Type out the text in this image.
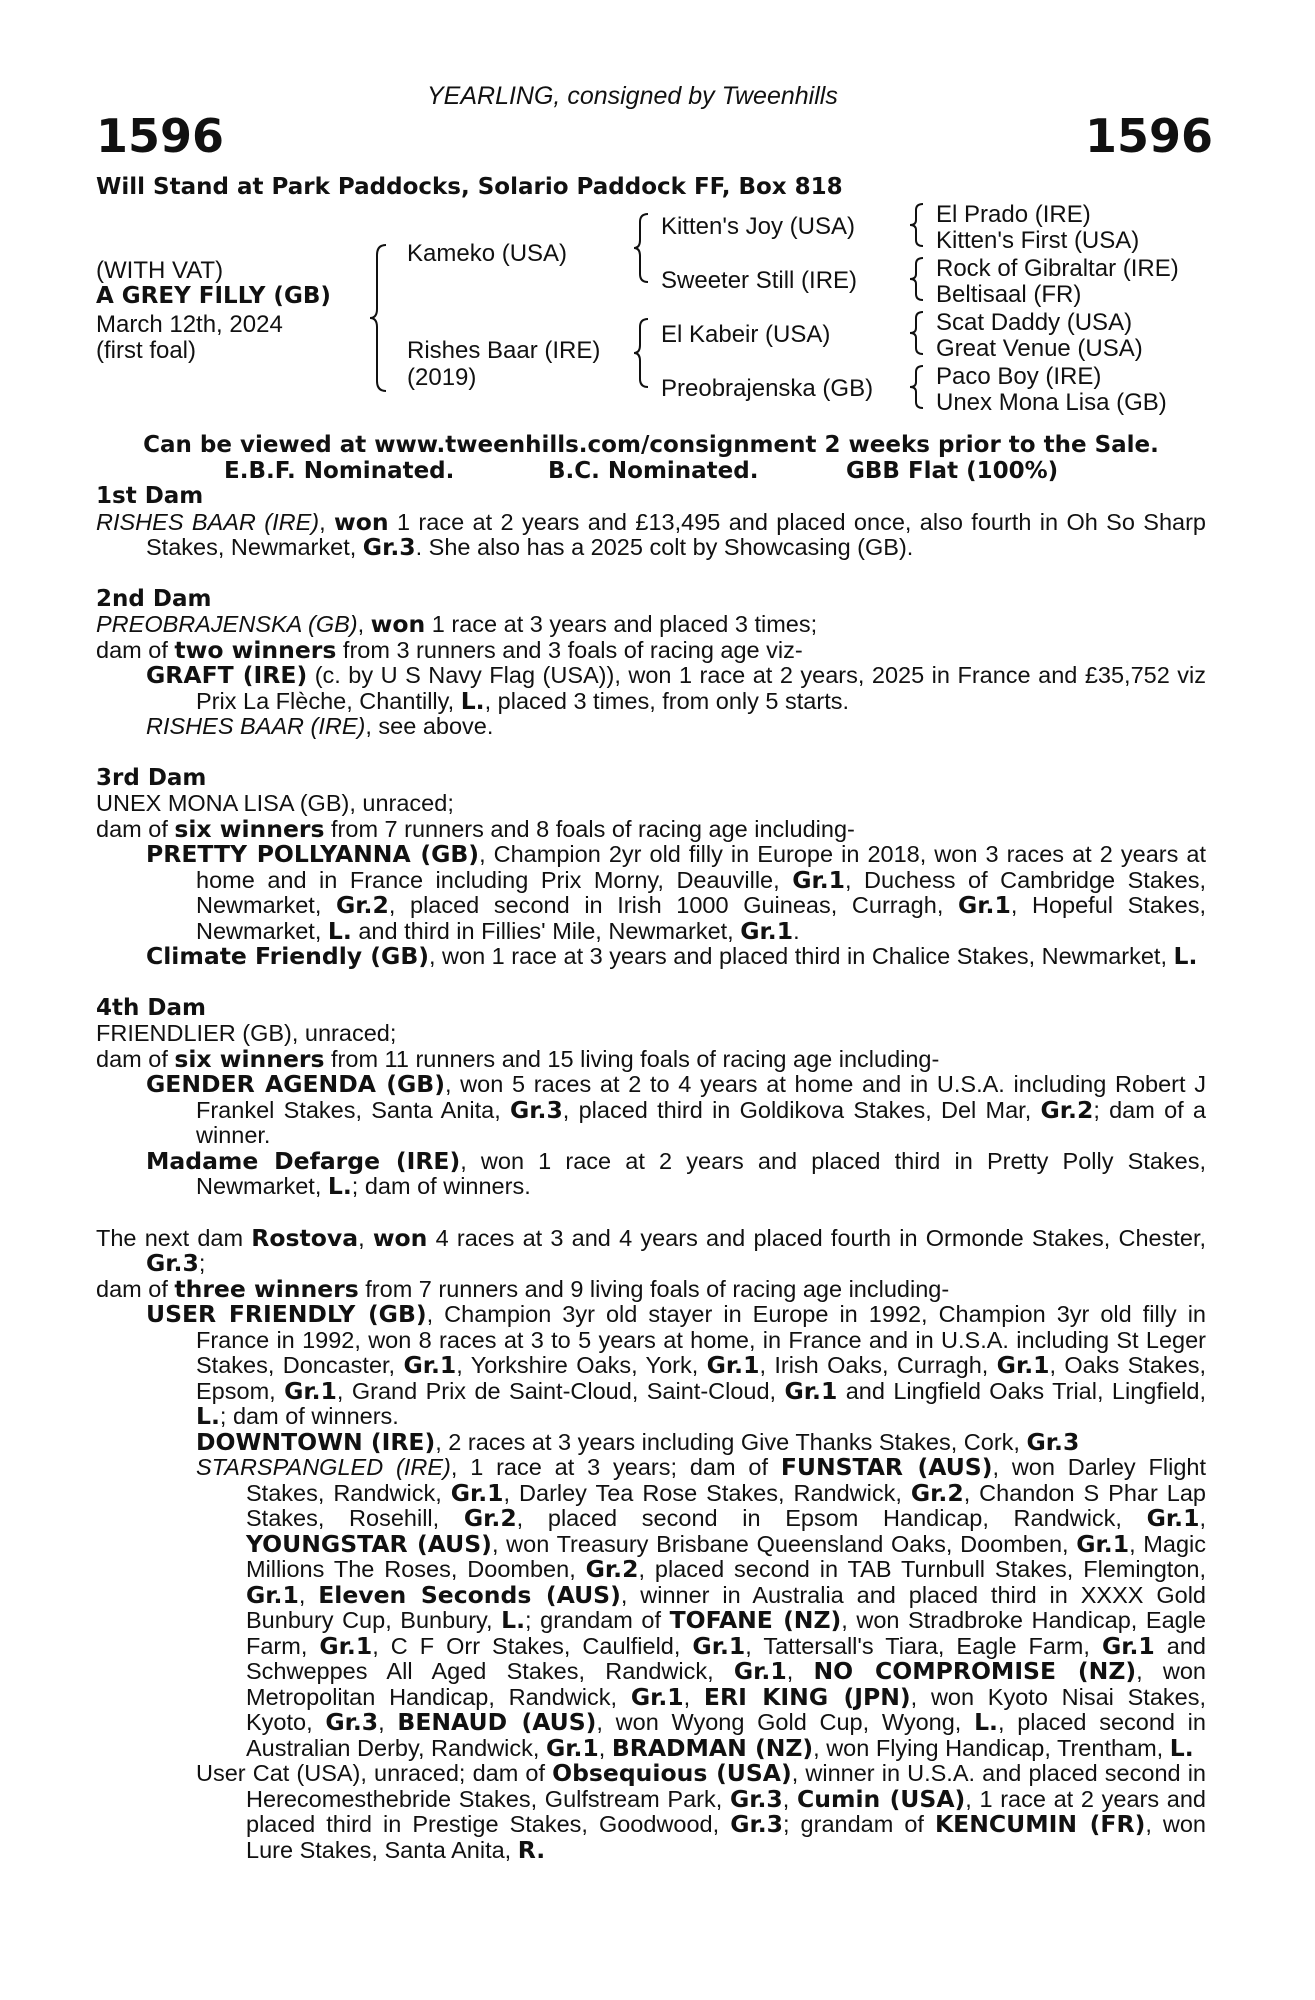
YEARLING, consigned by Tweenhills
1596	1596
Will Stand at Park Paddocks, Solario Paddock FF, Box 818
(WITH VAT)
A GREY FILLY (GB)
March 12th, 2024
(first foal)
Kameko (USA)
Rishes Baar (IRE)
(2019)
Kitten's Joy (USA)
Sweeter Still (IRE)
El Kabeir (USA)
Preobrajenska (GB)
El Prado (IRE)
Kitten's First (USA)
Rock of Gibraltar (IRE)
Beltisaal (FR)
Scat Daddy (USA)
Great Venue (USA)
Paco Boy (IRE)
Unex Mona Lisa (GB)
Can be viewed at www.tweenhills.com/consignment 2 weeks prior to the Sale.
E.B.F. Nominated.	B.C. Nominated.	GBB Flat (100%)
1st Dam

RISHES BAAR (IRE), won 1 race at 2 years and £13,495 and placed once, also fourth in Oh So Sharp Stakes, Newmarket, Gr.3. She also has a 2025 colt by Showcasing (GB).

2nd Dam

PREOBRAJENSKA (GB), won 1 race at 3 years and placed 3 times;

dam of two winners from 3 runners and 3 foals of racing age viz-

GRAFT (IRE) (c. by U S Navy Flag (USA)), won 1 race at 2 years, 2025 in France and £35,752 viz Prix La Flèche, Chantilly, L., placed 3 times, from only 5 starts.

RISHES BAAR (IRE), see above.

3rd Dam

UNEX MONA LISA (GB), unraced;

dam of six winners from 7 runners and 8 foals of racing age including-

PRETTY POLLYANNA (GB), Champion 2yr old filly in Europe in 2018, won 3 races at 2 years at home and in France including Prix Morny, Deauville, Gr.1, Duchess of Cambridge Stakes, Newmarket, Gr.2, placed second in Irish 1000 Guineas, Curragh, Gr.1, Hopeful Stakes, Newmarket, L. and third in Fillies' Mile, Newmarket, Gr.1.

Climate Friendly (GB), won 1 race at 3 years and placed third in Chalice Stakes, Newmarket, L.

4th Dam

FRIENDLIER (GB), unraced;

dam of six winners from 11 runners and 15 living foals of racing age including-

GENDER AGENDA (GB), won 5 races at 2 to 4 years at home and in U.S.A. including Robert J Frankel Stakes, Santa Anita, Gr.3, placed third in Goldikova Stakes, Del Mar, Gr.2; dam of a winner.

Madame Defarge (IRE), won 1 race at 2 years and placed third in Pretty Polly Stakes, Newmarket, L.; dam of winners.

The next dam Rostova, won 4 races at 3 and 4 years and placed fourth in Ormonde Stakes, Chester, Gr.3;

dam of three winners from 7 runners and 9 living foals of racing age including-

USER FRIENDLY (GB), Champion 3yr old stayer in Europe in 1992, Champion 3yr old filly in France in 1992, won 8 races at 3 to 5 years at home, in France and in U.S.A. including St Leger Stakes, Doncaster, Gr.1, Yorkshire Oaks, York, Gr.1, Irish Oaks, Curragh, Gr.1, Oaks Stakes, Epsom, Gr.1, Grand Prix de Saint-Cloud, Saint-Cloud, Gr.1 and Lingfield Oaks Trial, Lingfield, L.; dam of winners.

DOWNTOWN (IRE), 2 races at 3 years including Give Thanks Stakes, Cork, Gr.3

STARSPANGLED (IRE), 1 race at 3 years; dam of FUNSTAR (AUS), won Darley Flight Stakes, Randwick, Gr.1, Darley Tea Rose Stakes, Randwick, Gr.2, Chandon S Phar Lap Stakes, Rosehill, Gr.2, placed second in Epsom Handicap, Randwick, Gr.1, YOUNGSTAR (AUS), won Treasury Brisbane Queensland Oaks, Doomben, Gr.1, Magic Millions The Roses, Doomben, Gr.2, placed second in TAB Turnbull Stakes, Flemington, Gr.1, Eleven Seconds (AUS), winner in Australia and placed third in XXXX Gold Bunbury Cup, Bunbury, L.; grandam of TOFANE (NZ), won Stradbroke Handicap, Eagle Farm, Gr.1, C F Orr Stakes, Caulfield, Gr.1, Tattersall's Tiara, Eagle Farm, Gr.1 and Schweppes All Aged Stakes, Randwick, Gr.1, NO COMPROMISE (NZ), won Metropolitan Handicap, Randwick, Gr.1, ERI KING (JPN), won Kyoto Nisai Stakes, Kyoto, Gr.3, BENAUD (AUS), won Wyong Gold Cup, Wyong, L., placed second in Australian Derby, Randwick, Gr.1, BRADMAN (NZ), won Flying Handicap, Trentham, L.

User Cat (USA), unraced; dam of Obsequious (USA), winner in U.S.A. and placed second in Herecomesthebride Stakes, Gulfstream Park, Gr.3, Cumin (USA), 1 race at 2 years and placed third in Prestige Stakes, Goodwood, Gr.3; grandam of KENCUMIN (FR), won Lure Stakes, Santa Anita, R.
